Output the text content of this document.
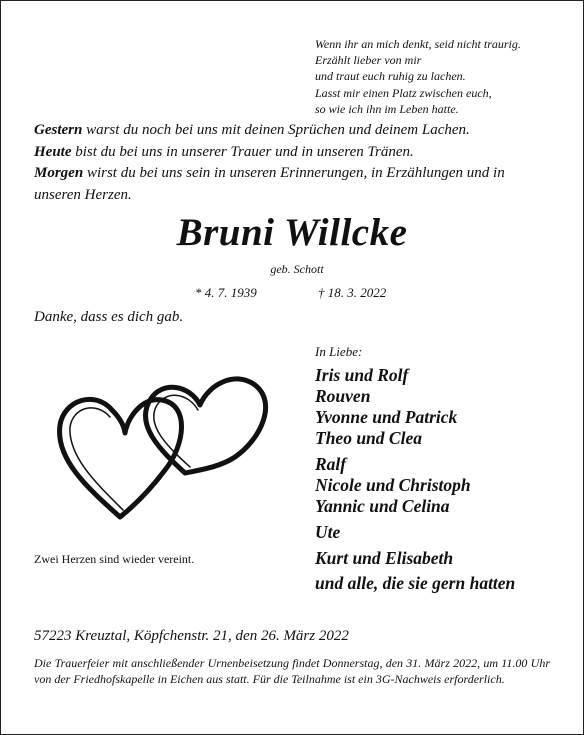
Wenn ihr an mich denkt, seid nicht traurig.
Erzählt lieber von mir
und traut euch ruhig zu lachen.
Lasst mir einen Platz zwischen euch,
so wie ich ihn im Leben hatte.

Gestern warst du noch bei uns mit deinen Sprüchen und deinem Lachen.

Heute bist du bei uns in unserer Trauer und in unseren Tränen.

Morgen wirst du bei uns sein in unseren Erinnerungen, in Erzählungen und in unseren Herzen.

Bruni Willcke
geb. Schott
* 4. 7. 1939	† 18. 3. 2022
Danke, dass es dich gab.
Zwei Herzen sind wieder vereint.
In Liebe:
Iris und Rolf
Rouven
Yvonne und Patrick
Theo und Clea
Ralf
Nicole und Christoph
Yannic und Celina
Ute
Kurt und Elisabeth
und alle, die sie gern hatten
57223 Kreuztal, Köpfchenstr. 21, den 26. März 2022
Die Trauerfeier mit anschließender Urnenbeisetzung findet Donnerstag, den 31. März 2022, um 11.00 Uhr von der Friedhofskapelle in Eichen aus statt. Für die Teilnahme ist ein 3G-Nachweis erforderlich.
